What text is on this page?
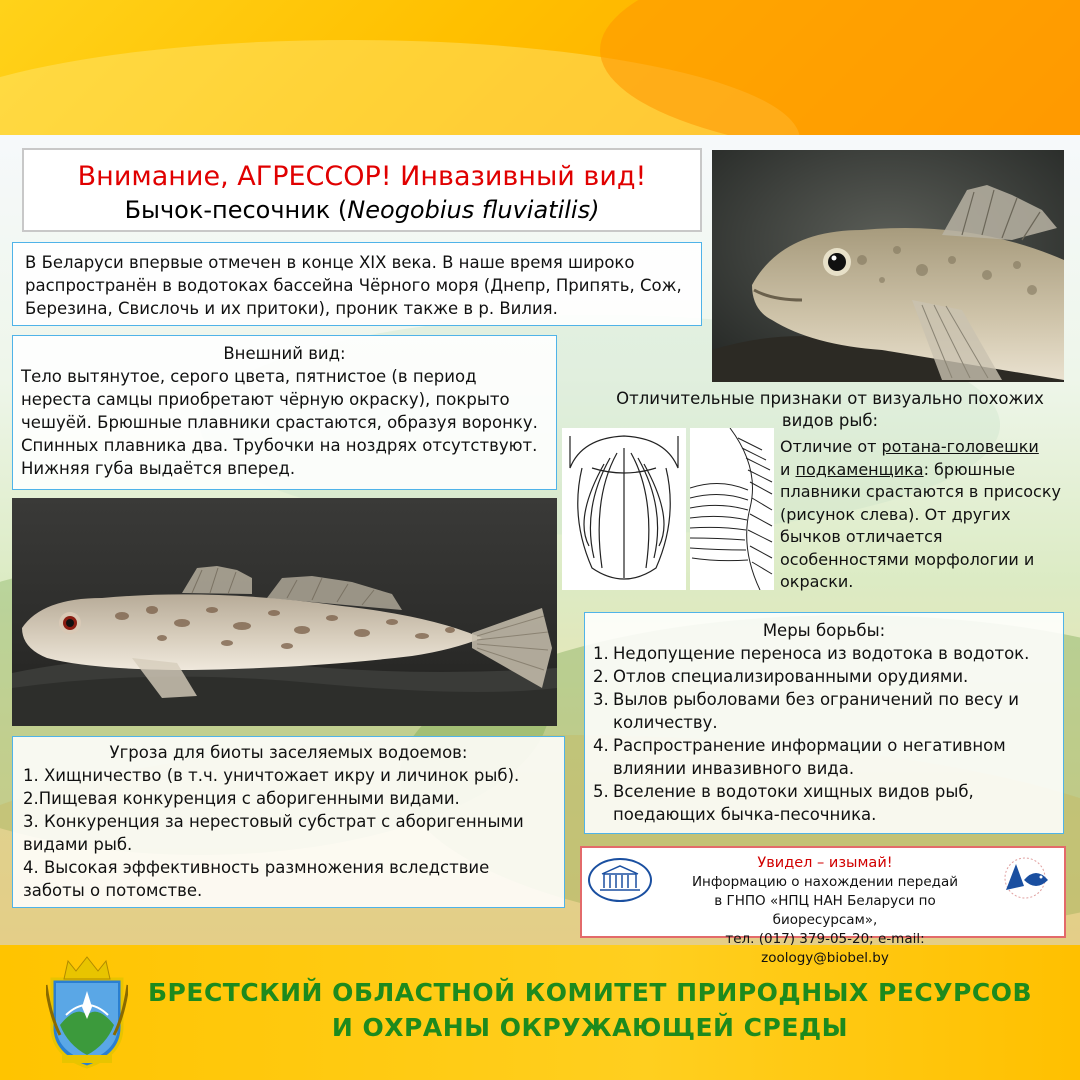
Внимание, АГРЕССОР! Инвазивный вид!
Бычок-песочник (Neogobius fluviatilis)
В Беларуси впервые отмечен в конце XIX века. В наше время широко распространён в водотоках бассейна Чёрного моря (Днепр, Припять, Сож, Березина, Свислочь и их притоки), проник также в р. Вилия.
Внешний вид:
Тело вытянутое, серого цвета, пятнистое (в период нереста самцы приобретают чёрную окраску), покрыто чешуёй. Брюшные плавники срастаются, образуя воронку. Спинных плавника два. Трубочки на ноздрях отсутствуют. Нижняя губа выдаётся вперед.
Отличительные признаки от визуально похожих
видов рыб:
Отличие от ротана-головешки
и подкаменщика: брюшные
плавники срастаются в присоску (рисунок слева). От других бычков отличается особенностями морфологии и окраски.
Меры борьбы:
1. Недопущение переноса из водотока в водоток.
2. Отлов специализированными орудиями.
3. Вылов рыболовами без ограничений по весу и количеству.
4. Распространение информации о негативном влиянии инвазивного вида.
5. Вселение в водотоки хищных видов рыб, поедающих бычка-песочника.
Угроза для биоты заселяемых водоемов:
1. Хищничество (в т.ч. уничтожает икру и личинок рыб).
2.Пищевая конкуренция с аборигенными видами.
3. Конкуренция за нерестовый субстрат с аборигенными видами рыб.
4. Высокая эффективность размножения вследствие заботы о потомстве.
Увидел – изымай!
Информацию о нахождении передай
в ГНПО «НПЦ НАН Беларуси по биоресурсам»,
тел. (017) 379-05-20; e-mail: zoology@biobel.by
БРЕСТСКИЙ ОБЛАСТНОЙ КОМИТЕТ ПРИРОДНЫХ РЕСУРСОВ
И ОХРАНЫ ОКРУЖАЮЩЕЙ СРЕДЫ
